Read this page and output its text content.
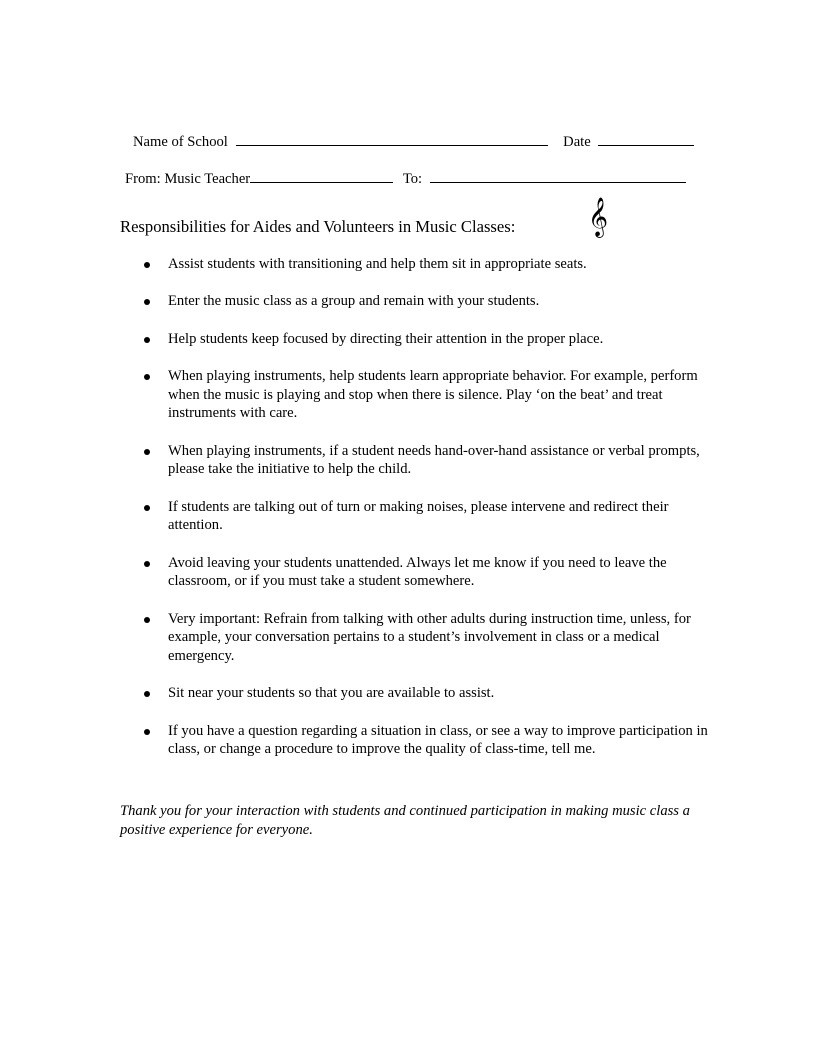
Name of School	Date
From: Music Teacher	To:
Responsibilities for Aides and Volunteers in Music Classes: 𝄞
Assist students with transitioning and help them sit in appropriate seats.
Enter the music class as a group and remain with your students.
Help students keep focused by directing their attention in the proper place.
When playing instruments, help students learn appropriate behavior. For example, perform when the music is playing and stop when there is silence. Play ‘on the beat’ and treat instruments with care.
When playing instruments, if a student needs hand-over-hand assistance or verbal prompts, please take the initiative to help the child.
If students are talking out of turn or making noises, please intervene and redirect their attention.
Avoid leaving your students unattended. Always let me know if you need to leave the classroom, or if you must take a student somewhere.
Very important: Refrain from talking with other adults during instruction time, unless, for example, your conversation pertains to a student’s involvement in class or a medical emergency.
Sit near your students so that you are available to assist.
If you have a question regarding a situation in class, or see a way to improve participation in class, or change a procedure to improve the quality of class-time, tell me.
Thank you for your interaction with students and continued participation in making music class a positive experience for everyone.
